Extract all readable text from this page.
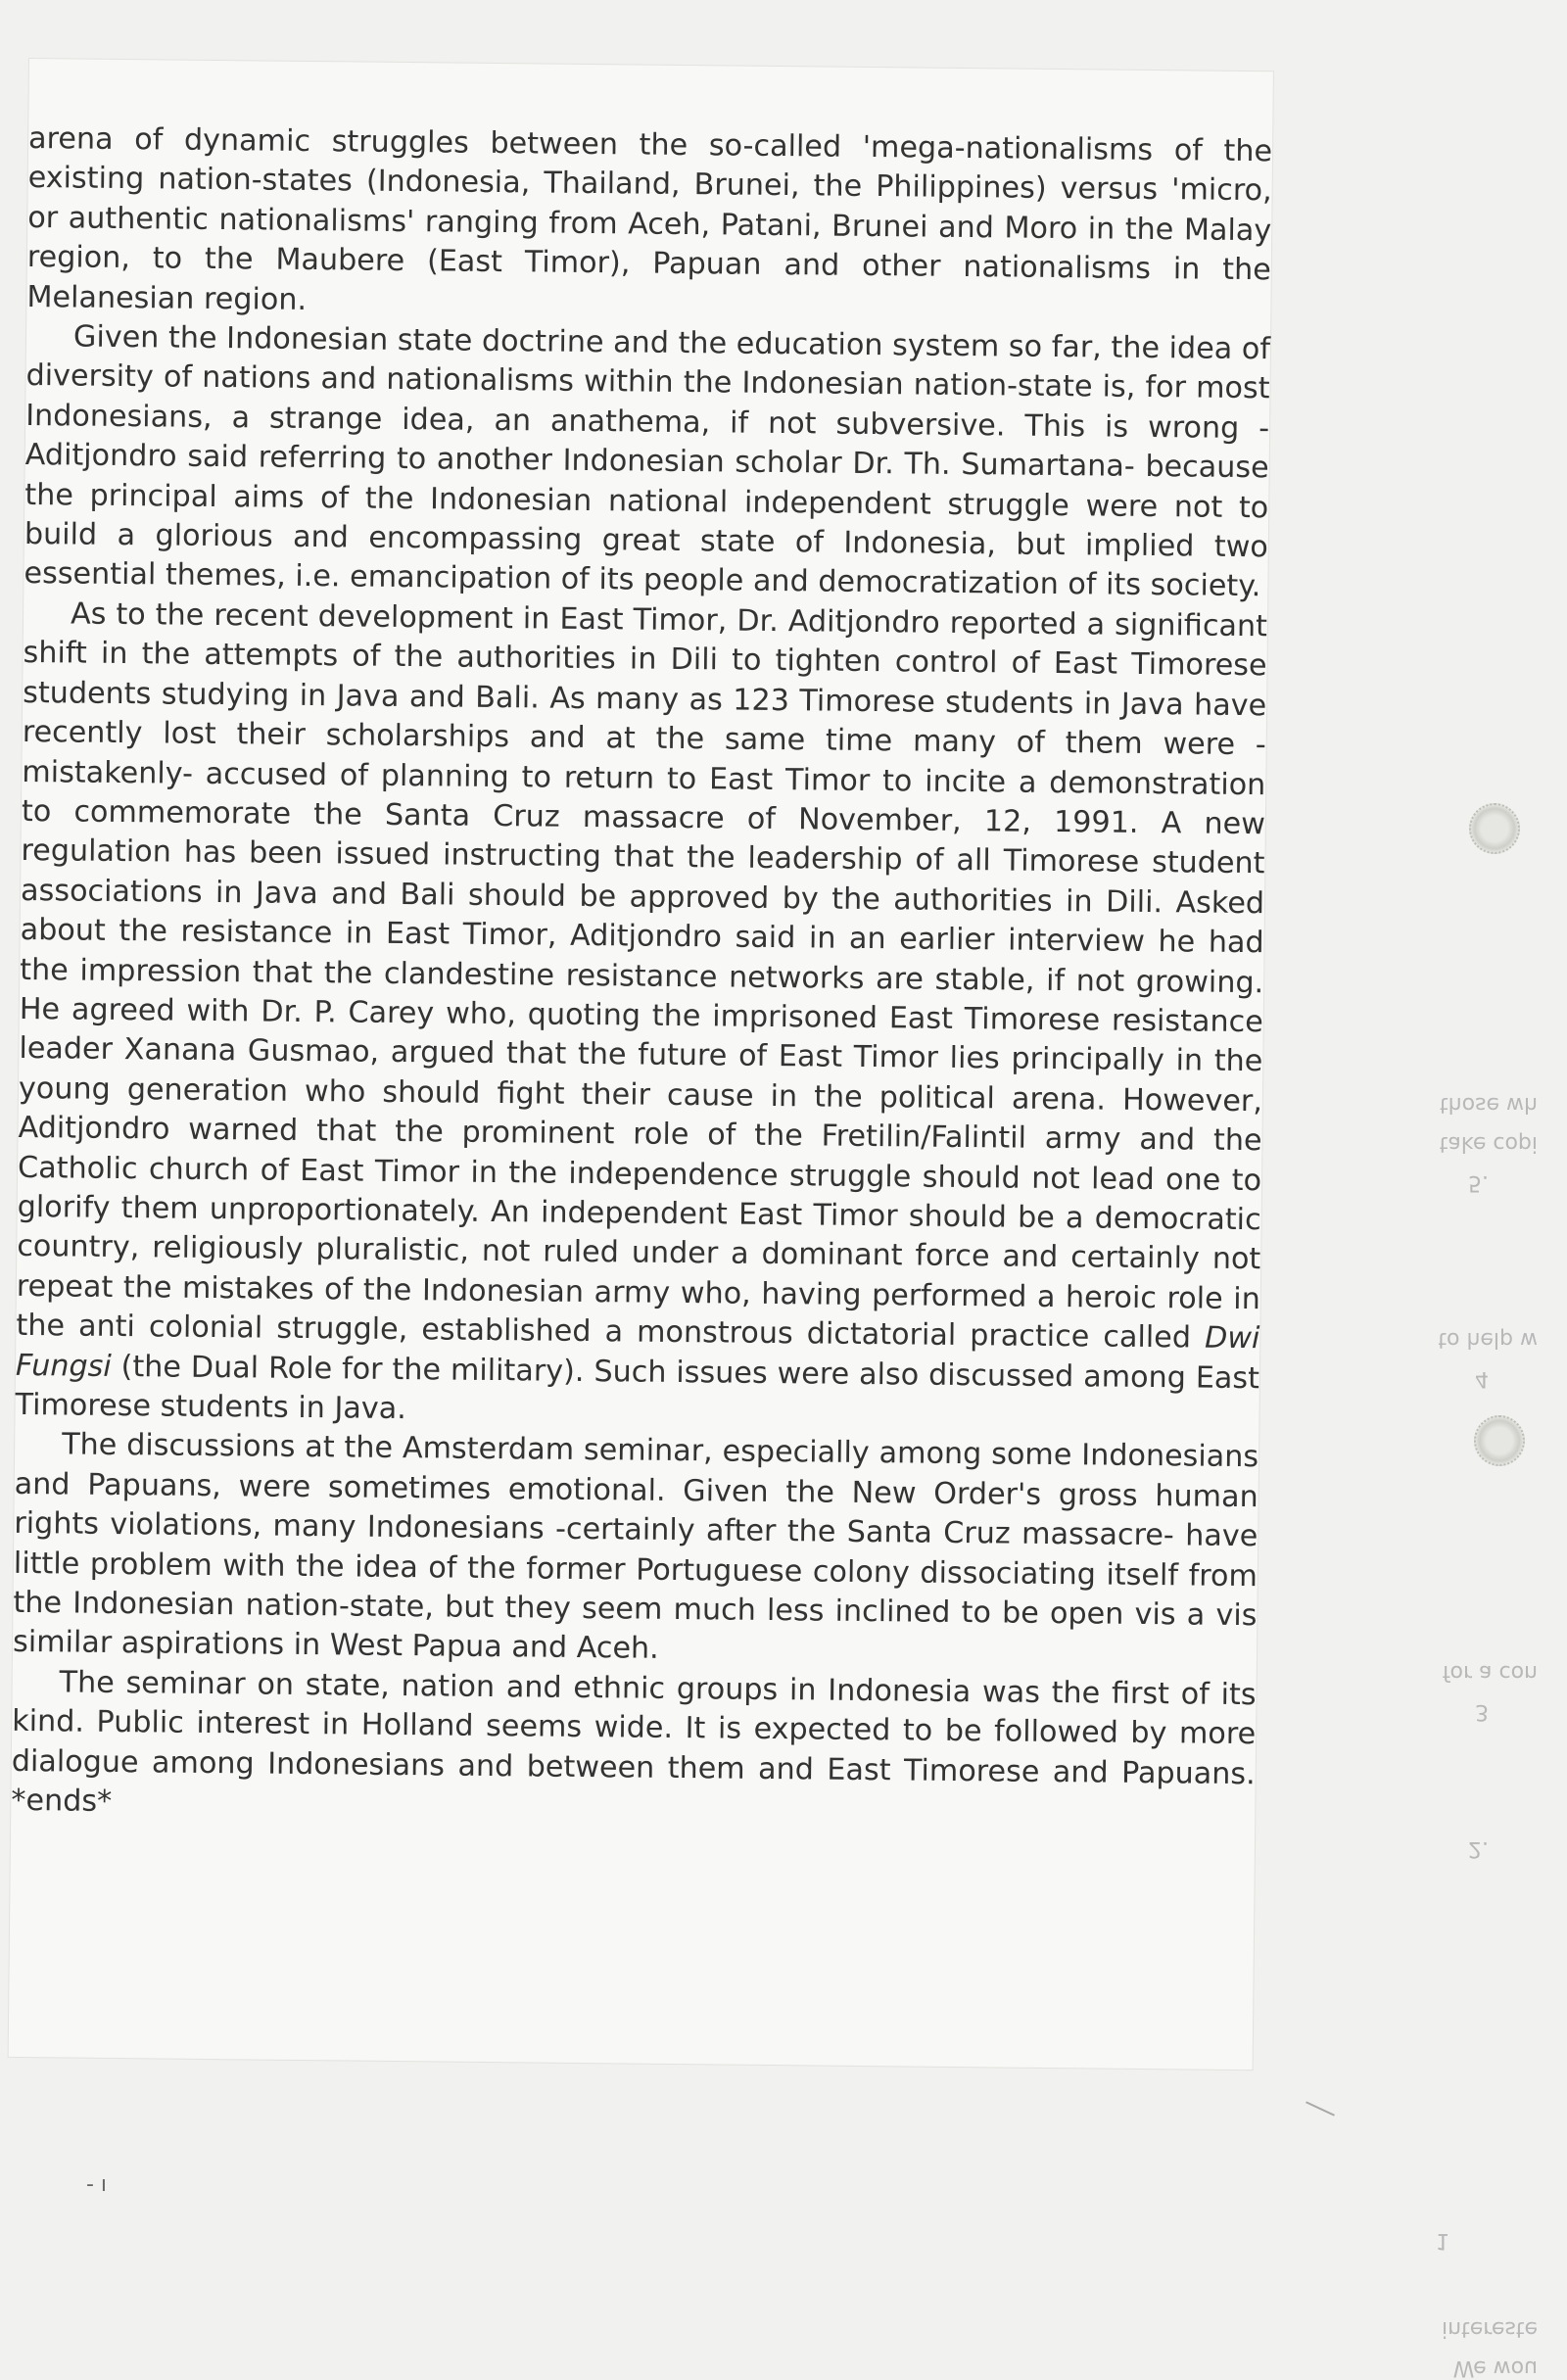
arena of dynamic struggles between the so-called 'mega-nationalisms of the existing nation-states (Indonesia, Thailand, Brunei, the Philippines) versus 'micro, or authentic nationalisms' ranging from Aceh, Patani, Brunei and Moro in the Malay region, to the Maubere (East Timor), Papuan and other nationalisms in the Melanesian region.

Given the Indonesian state doctrine and the education system so far, the idea of diversity of nations and nationalisms within the Indonesian nation-state is, for most Indonesians, a strange idea, an anathema, if not subversive. This is wrong -Aditjondro said referring to another Indonesian scholar Dr. Th. Sumartana- because the principal aims of the Indonesian national independent struggle were not to build a glorious and encompassing great state of Indonesia, but implied two essential themes, i.e. emancipation of its people and democratization of its society.

As to the recent development in East Timor, Dr. Aditjondro reported a significant shift in the attempts of the authorities in Dili to tighten control of East Timorese students studying in Java and Bali. As many as 123 Timorese students in Java have recently lost their scholarships and at the same time many of them were -mistakenly- accused of planning to return to East Timor to incite a demonstration to commemorate the Santa Cruz massacre of November, 12, 1991. A new regulation has been issued instructing that the leadership of all Timorese student associations in Java and Bali should be approved by the authorities in Dili. Asked about the resistance in East Timor, Aditjondro said in an earlier interview he had the impression that the clandestine resistance networks are stable, if not growing. He agreed with Dr. P. Carey who, quoting the imprisoned East Timorese resistance leader Xanana Gusmao, argued that the future of East Timor lies principally in the young generation who should fight their cause in the political arena. However, Aditjondro warned that the prominent role of the Fretilin/Falintil army and the Catholic church of East Timor in the independence struggle should not lead one to glorify them unproportionately. An independent East Timor should be a democratic country, religiously pluralistic, not ruled under a dominant force and certainly not repeat the mistakes of the Indonesian army who, having performed a heroic role in the anti colonial struggle, established a monstrous dictatorial practice called Dwi Fungsi (the Dual Role for the military). Such issues were also discussed among East Timorese students in Java.

The discussions at the Amsterdam seminar, especially among some Indonesians and Papuans, were sometimes emotional. Given the New Order's gross human rights violations, many Indonesians -certainly after the Santa Cruz massacre- have little problem with the idea of the former Portuguese colony dissociating itself from the Indonesian nation-state, but they seem much less inclined to be open vis a vis similar aspirations in West Papua and Aceh.

The seminar on state, nation and ethnic groups in Indonesia was the first of its kind. Public interest in Holland seems wide. It is expected to be followed by more dialogue among Indonesians and between them and East Timorese and Papuans. *ends*

We wou
intereste
1
2.
3
for a con
4
to help w
5.
take copi
those wh
- ı
